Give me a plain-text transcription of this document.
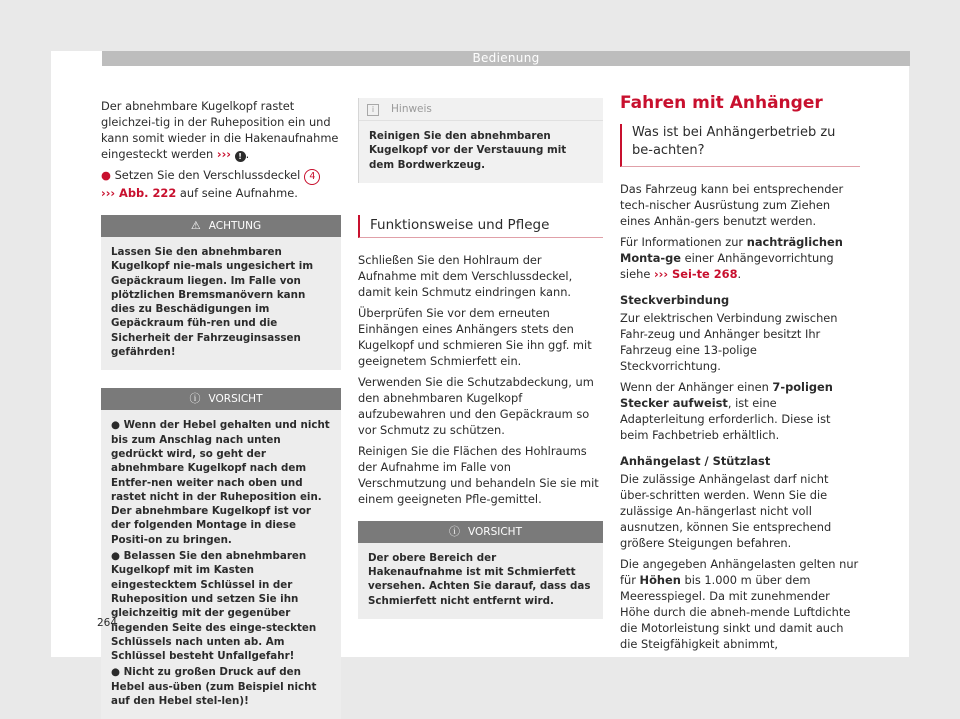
Bedienung

Der abnehmbare Kugelkopf rastet gleichzei-tig in der Ruheposition ein und kann somit wieder in die Hakenaufnahme eingesteckt werden ››› ! .

● Setzen Sie den Verschlussdeckel 4
››› Abb. 222 auf seine Aufnahme.

⚠ ACHTUNG

Lassen Sie den abnehmbaren Kugelkopf nie-mals ungesichert im Gepäckraum liegen. Im Falle von plötzlichen Bremsmanövern kann dies zu Beschädigungen im Gepäckraum füh-ren und die Sicherheit der Fahrzeuginsassen gefährden!

ⓘ VORSICHT

● Wenn der Hebel gehalten und nicht bis zum Anschlag nach unten gedrückt wird, so geht der abnehmbare Kugelkopf nach dem Entfer-nen weiter nach oben und rastet nicht in der Ruheposition ein. Der abnehmbare Kugelkopf ist vor der folgenden Montage in diese Positi-on zu bringen.

● Belassen Sie den abnehmbaren Kugelkopf mit im Kasten eingestecktem Schlüssel in der Ruheposition und setzen Sie ihn gleichzeitig mit der gegenüber liegenden Seite des einge-steckten Schlüssels nach unten ab. Am Schlüssel besteht Unfallgefahr!

● Nicht zu großen Druck auf den Hebel aus-üben (zum Beispiel nicht auf den Hebel stel-len)!

i Hinweis

Reinigen Sie den abnehmbaren Kugelkopf vor der Verstauung mit dem Bordwerkzeug.

Funktionsweise und Pflege

Schließen Sie den Hohlraum der Aufnahme mit dem Verschlussdeckel, damit kein Schmutz eindringen kann.

Überprüfen Sie vor dem erneuten Einhängen eines Anhängers stets den Kugelkopf und schmieren Sie ihn ggf. mit geeignetem Schmierfett ein.

Verwenden Sie die Schutzabdeckung, um den abnehmbaren Kugelkopf aufzubewahren und den Gepäckraum so vor Schmutz zu schützen.

Reinigen Sie die Flächen des Hohlraums der Aufnahme im Falle von Verschmutzung und behandeln Sie sie mit einem geeigneten Pfle-gemittel.

ⓘ VORSICHT

Der obere Bereich der Hakenaufnahme ist mit Schmierfett versehen. Achten Sie darauf, dass das Schmierfett nicht entfernt wird.

Fahren mit Anhänger
Was ist bei Anhängerbetrieb zu be-achten?

Das Fahrzeug kann bei entsprechender tech-nischer Ausrüstung zum Ziehen eines Anhän-gers benutzt werden.

Für Informationen zur nachträglichen Monta-ge einer Anhängevorrichtung siehe ››› Sei-te 268.

Steckverbindung

Zur elektrischen Verbindung zwischen Fahr-zeug und Anhänger besitzt Ihr Fahrzeug eine 13-polige Steckvorrichtung.

Wenn der Anhänger einen 7-poligen Stecker aufweist, ist eine Adapterleitung erforderlich. Diese ist beim Fachbetrieb erhältlich.

Anhängelast / Stützlast

Die zulässige Anhängelast darf nicht über-schritten werden. Wenn Sie die zulässige An-hängerlast nicht voll ausnutzen, können Sie entsprechend größere Steigungen befahren.

Die angegeben Anhängelasten gelten nur für Höhen bis 1.000 m über dem Meeresspiegel. Da mit zunehmender Höhe durch die abneh-mende Luftdichte die Motorleistung sinkt und damit auch die Steigfähigkeit abnimmt,

264
